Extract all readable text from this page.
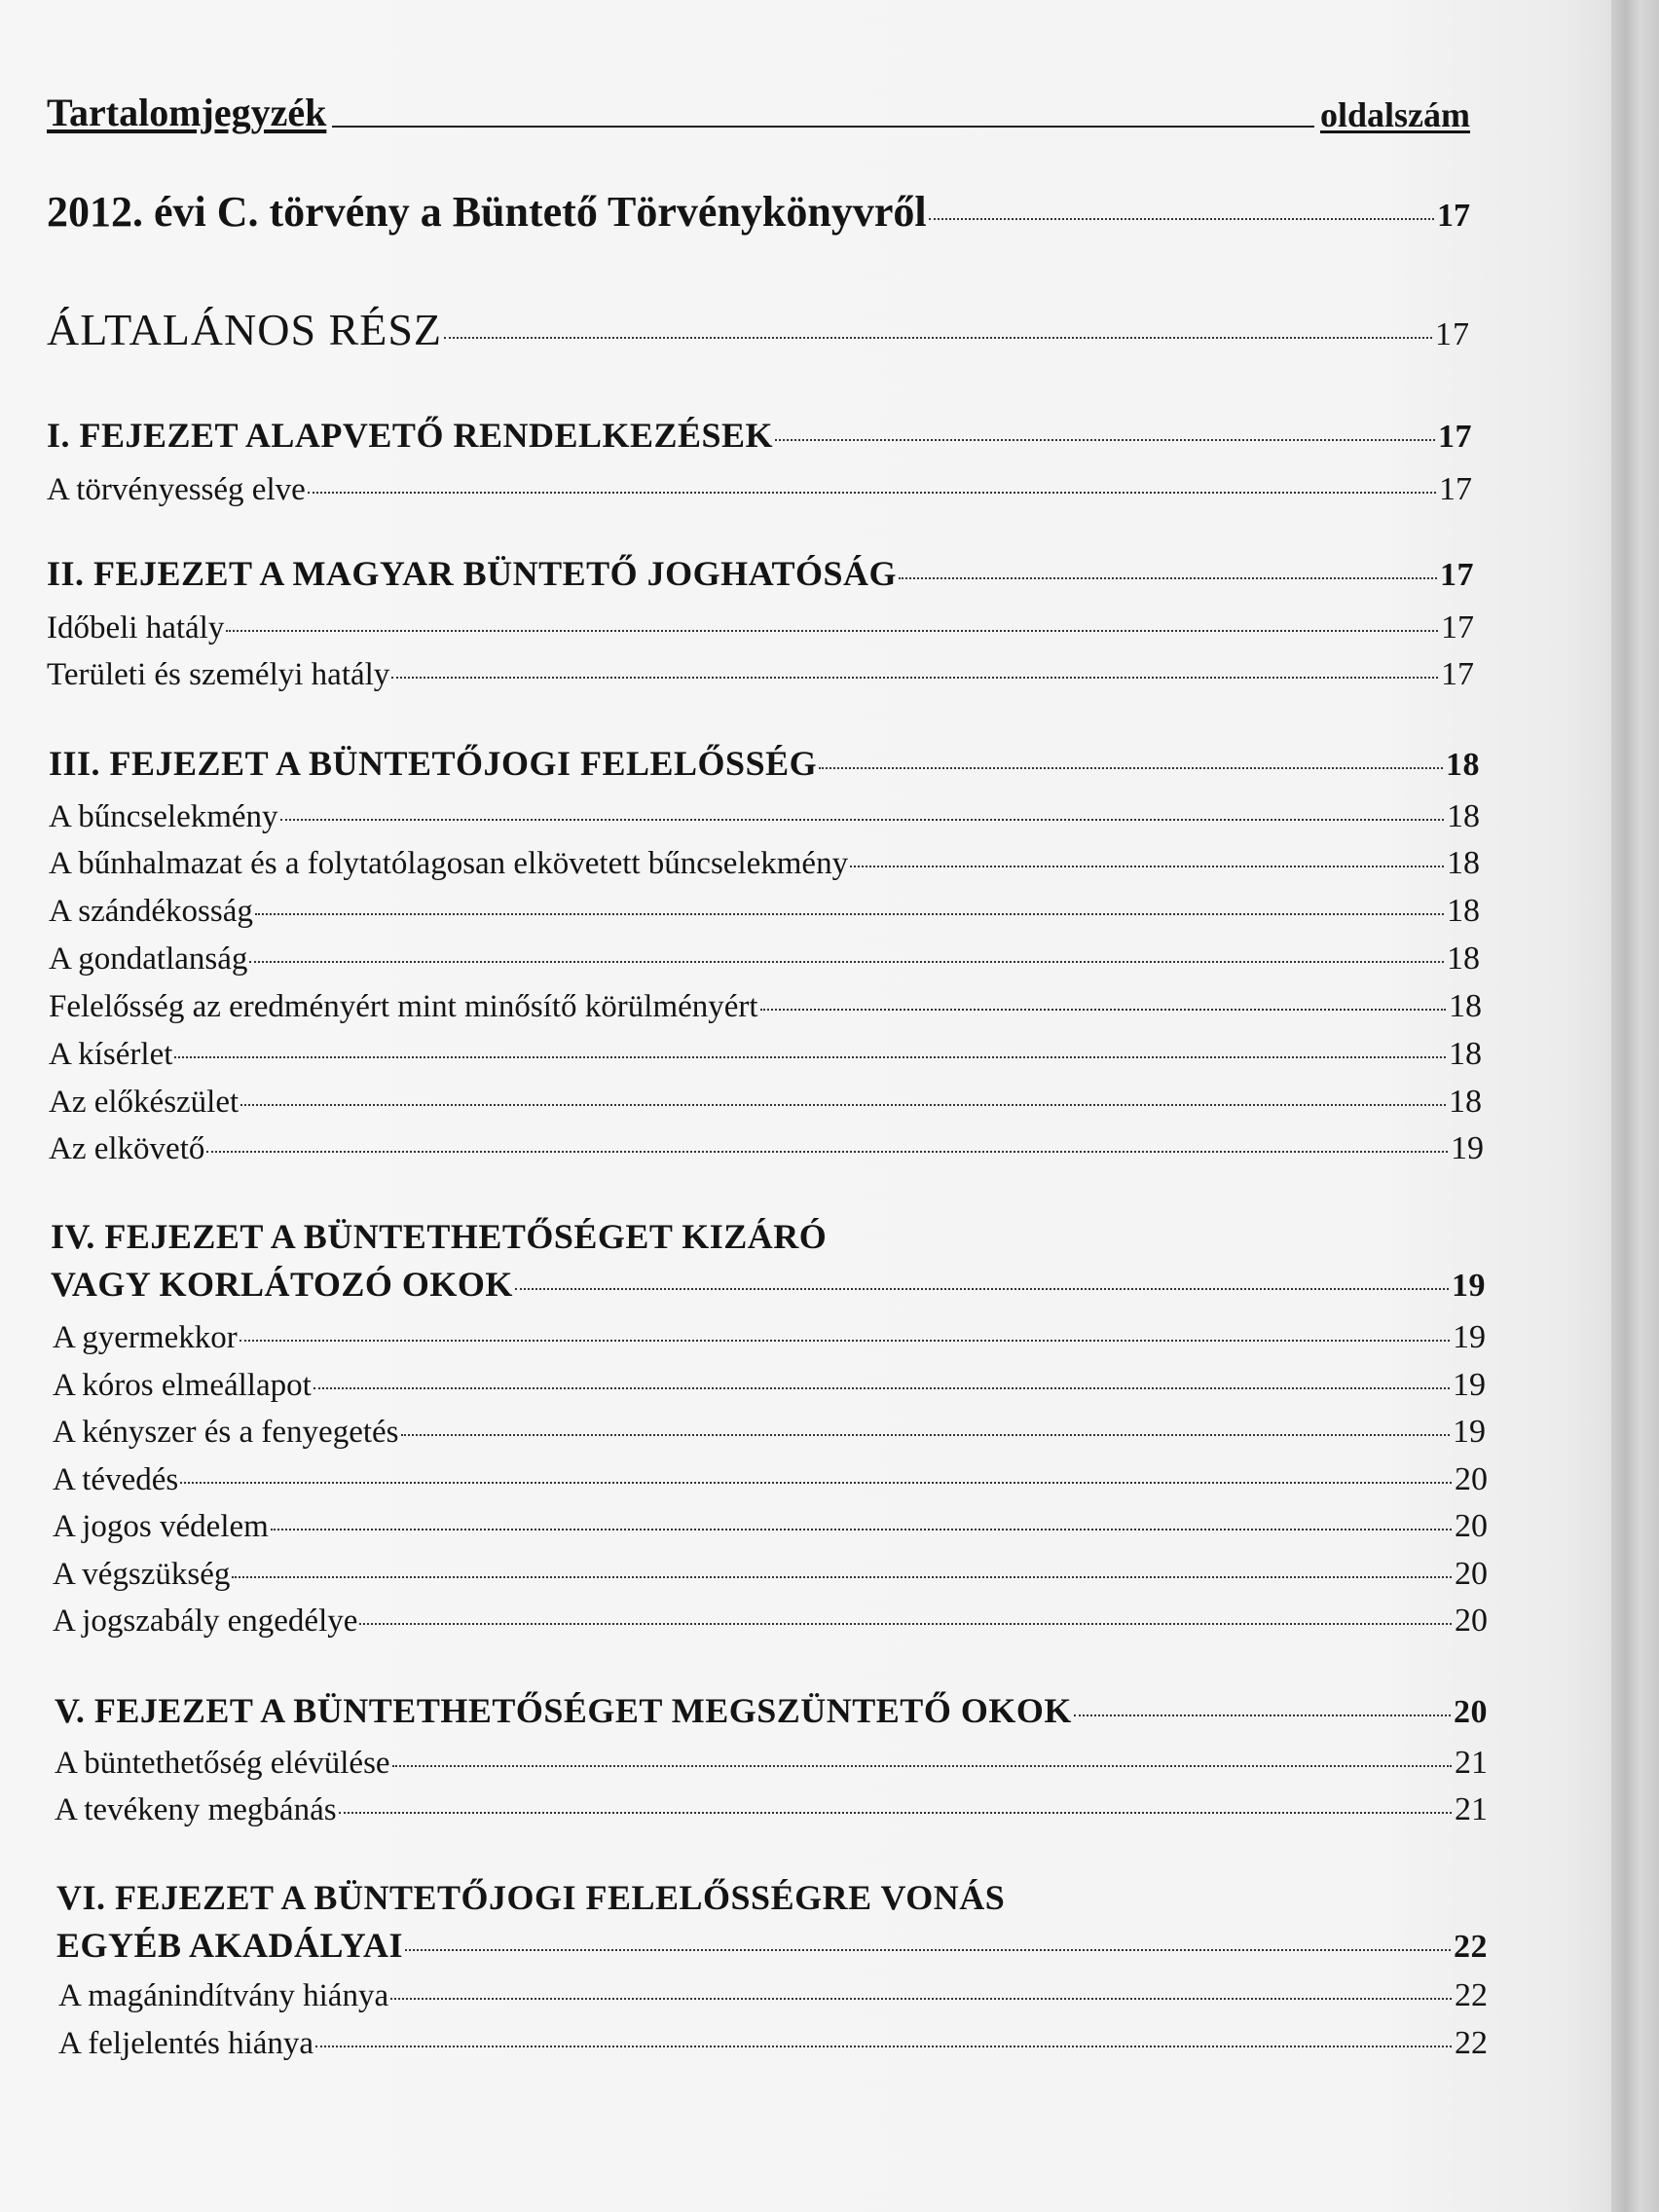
Tartalomjegyzék	oldalszám
2012. évi C. törvény a Büntető Törvénykönyvről	17
ÁLTALÁNOS RÉSZ	17
I. FEJEZET ALAPVETŐ RENDELKEZÉSEK	17
A törvényesség elve	17
II. FEJEZET A MAGYAR BÜNTETŐ JOGHATÓSÁG	17
Időbeli hatály	17
Területi és személyi hatály	17
III. FEJEZET A BÜNTETŐJOGI FELELŐSSÉG	18
A bűncselekmény	18
A bűnhalmazat és a folytatólagosan elkövetett bűncselekmény	18
A szándékosság	18
A gondatlanság	18
Felelősség az eredményért mint minősítő körülményért	18
A kísérlet	18
Az előkészület	18
Az elkövető	19
IV. FEJEZET A BÜNTETHETŐSÉGET KIZÁRÓ
VAGY KORLÁTOZÓ OKOK	19
A gyermekkor	19
A kóros elmeállapot	19
A kényszer és a fenyegetés	19
A tévedés	20
A jogos védelem	20
A végszükség	20
A jogszabály engedélye	20
V. FEJEZET A BÜNTETHETŐSÉGET MEGSZÜNTETŐ OKOK	20
A büntethetőség elévülése	21
A tevékeny megbánás	21
VI. FEJEZET A BÜNTETŐJOGI FELELŐSSÉGRE VONÁS
EGYÉB AKADÁLYAI	22
A magánindítvány hiánya	22
A feljelentés hiánya	22
